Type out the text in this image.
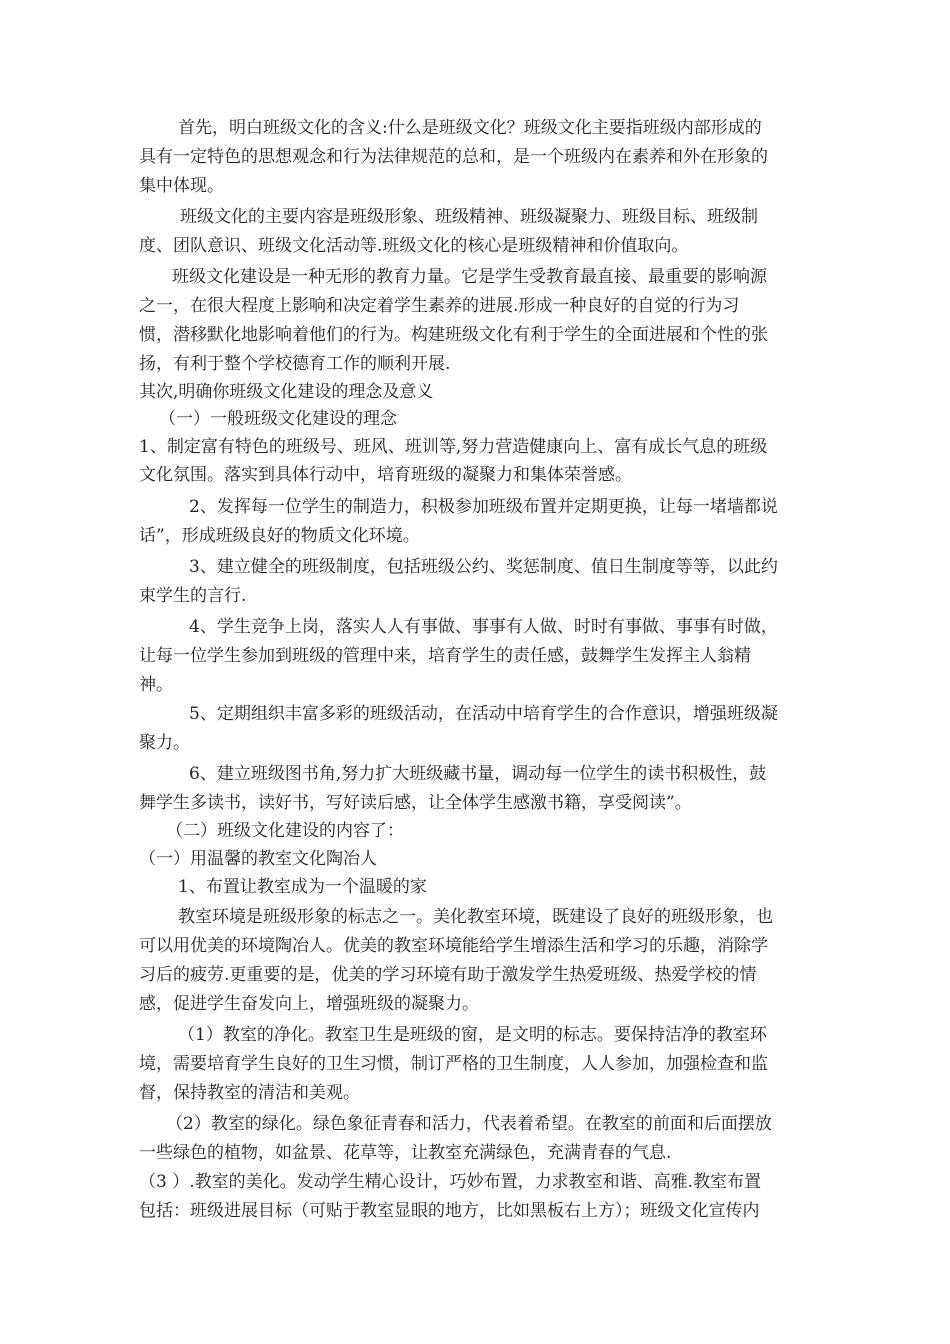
首先，明白班级文化的含义:什么是班级文化？班级文化主要指班级内部形成的
具有一定特色的思想观念和行为法律规范的总和，是一个班级内在素养和外在形象的
集中体现。
班级文化的主要内容是班级形象、班级精神、班级凝聚力、班级目标、班级制
度、团队意识、班级文化活动等.班级文化的核心是班级精神和价值取向。
班级文化建设是一种无形的教育力量。它是学生受教育最直接、最重要的影响源
之一，在很大程度上影响和决定着学生素养的进展.形成一种良好的自觉的行为习
惯，潜移默化地影响着他们的行为。构建班级文化有利于学生的全面进展和个性的张
扬，有利于整个学校德育工作的顺利开展.
其次,明确你班级文化建设的理念及意义
（一）一般班级文化建设的理念
1、制定富有特色的班级号、班风、班训等,努力营造健康向上、富有成长气息的班级
文化氛围。落实到具体行动中，培育班级的凝聚力和集体荣誉感。
2、发挥每一位学生的制造力，积极参加班级布置并定期更换，让每一堵墙都说
话”，形成班级良好的物质文化环境。
3、建立健全的班级制度，包括班级公约、奖惩制度、值日生制度等等，以此约
束学生的言行.
4、学生竞争上岗，落实人人有事做、事事有人做、时时有事做、事事有时做，
让每一位学生参加到班级的管理中来，培育学生的责任感，鼓舞学生发挥主人翁精
神。
5、定期组织丰富多彩的班级活动，在活动中培育学生的合作意识，增强班级凝
聚力。
6、建立班级图书角,努力扩大班级藏书量，调动每一位学生的读书积极性，鼓
舞学生多读书，读好书，写好读后感，让全体学生感激书籍，享受阅读”。
（二）班级文化建设的内容了：
（一）用温馨的教室文化陶冶人
1、布置让教室成为一个温暖的家
教室环境是班级形象的标志之一。美化教室环境，既建设了良好的班级形象，也
可以用优美的环境陶冶人。优美的教室环境能给学生增添生活和学习的乐趣，消除学
习后的疲劳.更重要的是，优美的学习环境有助于激发学生热爱班级、热爱学校的情
感，促进学生奋发向上，增强班级的凝聚力。
（1）教室的净化。教室卫生是班级的窗，是文明的标志。要保持洁净的教室环
境，需要培育学生良好的卫生习惯，制订严格的卫生制度，人人参加，加强检查和监
督，保持教室的清洁和美观。
（2）教室的绿化。绿色象征青春和活力，代表着希望。在教室的前面和后面摆放
一些绿色的植物，如盆景、花草等，让教室充满绿色，充满青春的气息.
（3 ）.教室的美化。发动学生精心设计，巧妙布置，力求教室和谐、高雅.教室布置
包括：班级进展目标（可贴于教室显眼的地方，比如黑板右上方）；班级文化宣传内
